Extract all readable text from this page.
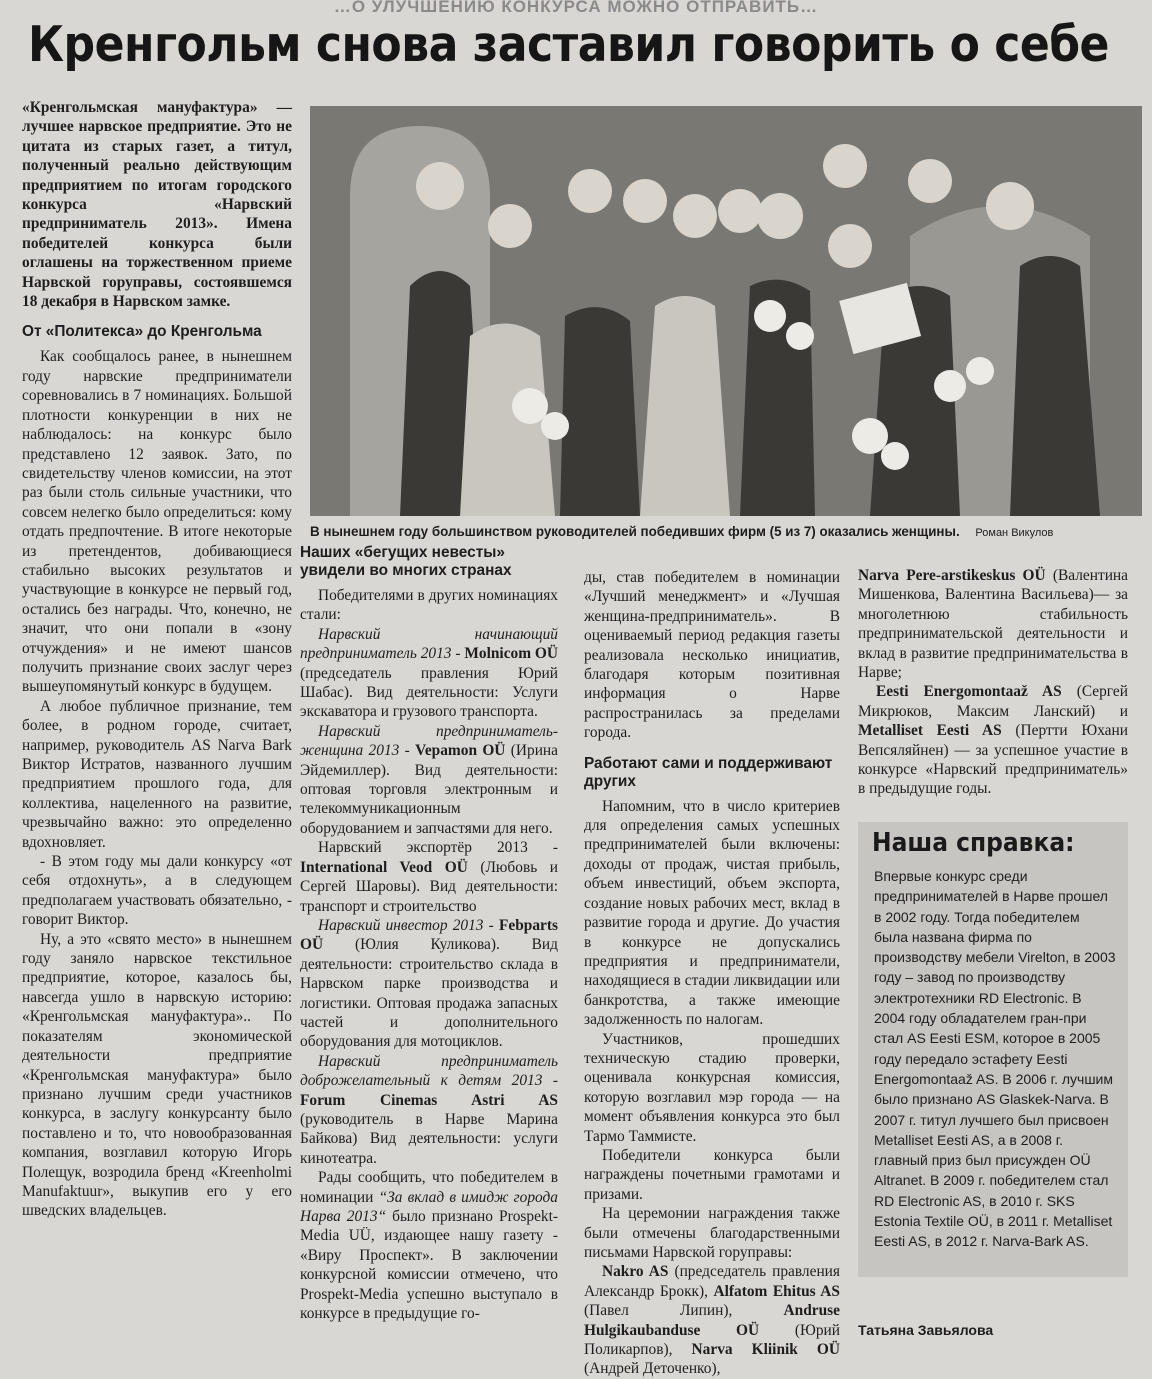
…О УЛУЧШЕНИЮ КОНКУРСА МОЖНО ОТПРАВИТЬ…
Кренгольм снова заставил говорить о себе

«Кренгольмская мануфактура» — лучшее нарвское предприятие. Это не цитата из старых газет, а титул, полученный реально действующим предприятием по итогам городского конкурса «Нарвский предприниматель 2013». Имена победителей конкурса были оглашены на торжественном приеме Нарвской горуправы, состоявшемся 18 декабря в Нарвском замке.

От «Политекса» до Кренгольма

Как сообщалось ранее, в нынешнем году нарвские предприниматели соревновались в 7 номинациях. Большой плотности конкуренции в них не наблюдалось: на конкурс было представлено 12 заявок. Зато, по свидетельству членов комиссии, на этот раз были столь сильные участники, что совсем нелегко было определиться: кому отдать предпочтение. В итоге некоторые из претендентов, добивающиеся стабильно высоких результатов и участвующие в конкурсе не первый год, остались без награды. Что, конечно, не значит, что они попали в «зону отчуждения» и не имеют шансов получить признание своих заслуг через вышеупомянутый конкурс в будущем.

А любое публичное признание, тем более, в родном городе, считает, например, руководитель AS Narva Bark Виктор Истратов, названного лучшим предприятием прошлого года, для коллектива, нацеленного на развитие, чрезвычайно важно: это определенно вдохновляет.

- В этом году мы дали конкурсу «от себя отдохнуть», а в следующем предполагаем участвовать обязательно, - говорит Виктор.

Ну, а это «свято место» в нынешнем году заняло нарвское текстильное предприятие, которое, казалось бы, навсегда ушло в нарвскую историю: «Кренгольмская мануфактура».. По показателям экономической деятельности предприятие «Кренгольмская мануфактура» было признано лучшим среди участников конкурса, в заслугу конкурсанту было поставлено и то, что новообразованная компания, возглавил которую Игорь Полещук, возродила бренд «Kreenholmi Manufaktuur», выкупив его у его шведских владельцев.

В нынешнем году большинством руководителей победивших фирм (5 из 7) оказались женщины. Роман Викулов
Наших «бегущих невесты» увидели во многих странах

Победителями в других номинациях стали:

Нарвский начинающий предприниматель 2013 - Molnicom OÜ (председатель правления Юрий Шабас). Вид деятельности: Услуги экскаватора и грузового транспорта.

Нарвский предприниматель-женщина 2013 - Vepamon OÜ (Ирина Эйдемиллер). Вид деятельности: оптовая торговля электронным и телекоммуникационным оборудованием и запчастями для него.

Нарвский экспортёр 2013 - International Veod OÜ (Любовь и Сергей Шаровы). Вид деятельности: транспорт и строительство

Нарвский инвестор 2013 - Febparts OÜ (Юлия Куликова). Вид деятельности: строительство склада в Нарвском парке производства и логистики. Оптовая продажа запасных частей и дополнительного оборудования для мотоциклов.

Нарвский предприниматель доброжелательный к детям 2013 - Forum Cinemas Astri AS (руководитель в Нарве Марина Байкова) Вид деятельности: услуги кинотеатра.

Рады сообщить, что победителем в номинации “За вклад в имидж города Нарва 2013“ было признано Prospekt-Media UÜ, издающее нашу газету - «Виру Проспект». В заключении конкурсной комиссии отмечено, что Prospekt-Media успешно выступало в конкурсе в предыдущие го-

ды, став победителем в номинации «Лучший менеджмент» и «Лучшая женщина-предприниматель». В оцениваемый период редакция газеты реализовала несколько инициатив, благодаря которым позитивная информация о Нарве распространилась за пределами города.

Работают сами и поддерживают других

Напомним, что в число критериев для определения самых успешных предпринимателей были включены: доходы от продаж, чистая прибыль, объем инвестиций, объем экспорта, создание новых рабочих мест, вклад в развитие города и другие. До участия в конкурсе не допускались предприятия и предприниматели, находящиеся в стадии ликвидации или банкротства, а также имеющие задолженность по налогам.

Участников, прошедших техническую стадию проверки, оценивала конкурсная комиссия, которую возглавил мэр города — на момент объявления конкурса это был Тармо Таммисте.

Победители конкурса были награждены почетными грамотами и призами.

На церемонии награждения также были отмечены благодарственными письмами Нарвской горуправы:

Nakro AS (председатель правления Александр Брокк), Alfatom Ehitus AS (Павел Липин),	Andruse Hulgikaubanduse OÜ (Юрий Поликарпов), Narva Kliinik OÜ (Андрей Деточенко),

Narva Pere-arstikeskus OÜ (Валентина Мишенкова, Валентина Васильева)— за многолетнюю стабильность предпринимательской деятельности и вклад в развитие предпринимательства в Нарве;

Eesti Energomontaaž AS (Сергей Микрюков, Максим Ланский) и Metalliset Eesti AS (Пертти Юхани Вепсяляйнен) — за успешное участие в конкурсе «Нарвский предприниматель» в предыдущие годы.

Наша справка:
Впервые конкурс среди предпринимателей в Нарве прошел в 2002 году. Тогда победителем была названа фирма по производству мебели Virelton, в 2003 году – завод по производству электротехники RD Electronic. В 2004 году обладателем гран-при стал AS Eesti ESM, которое в 2005 году передало эстафету Eesti Energomontaaž AS. В 2006 г. лучшим было признано AS Glaskek-Narva. В 2007 г. титул лучшего был присвоен Metalliset Eesti AS, а в 2008 г. главный приз был присужден OÜ Altranet. В 2009 г. победителем стал RD Electronic AS, в 2010 г. SKS Estonia Textile OÜ, в 2011 г. Metalliset Eesti AS, в 2012 г. Narva-Bark AS.
Татьяна Завьялова
